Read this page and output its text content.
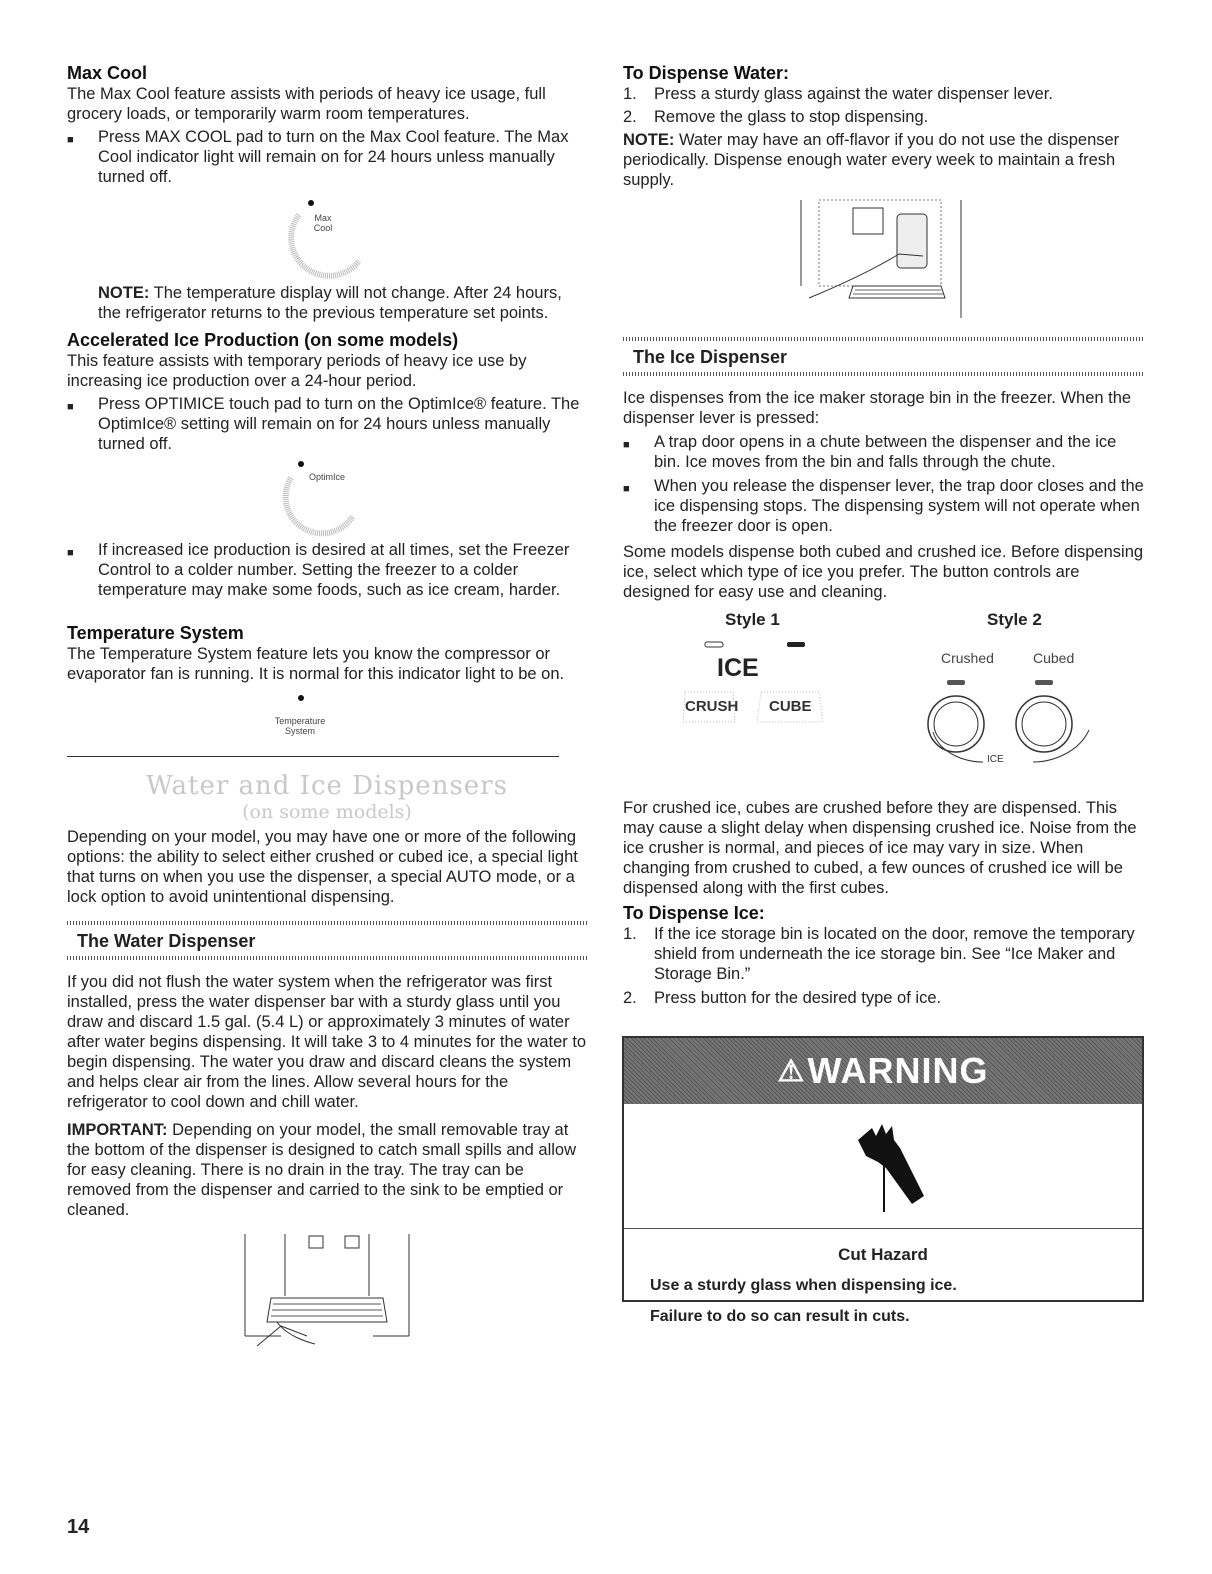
Max Cool

The Max Cool feature assists with periods of heavy ice usage, full grocery loads, or temporarily warm room temperatures.

■	Press MAX COOL pad to turn on the Max Cool feature. The Max Cool indicator light will remain on for 24 hours unless manually turned off.
Max
Cool

NOTE: The temperature display will not change. After 24 hours, the refrigerator returns to the previous temperature set points.

Accelerated Ice Production (on some models)

This feature assists with temporary periods of heavy ice use by increasing ice production over a 24-hour period.

■	Press OPTIMICE touch pad to turn on the OptimIce® feature. The OptimIce® setting will remain on for 24 hours unless manually turned off.
OptimIce
■	If increased ice production is desired at all times, set the Freezer Control to a colder number. Setting the freezer to a colder temperature may make some foods, such as ice cream, harder.
Temperature System

The Temperature System feature lets you know the compressor or evaporator fan is running. It is normal for this indicator light to be on.

Temperature
System
Water and Ice Dispensers
(on some models)

Depending on your model, you may have one or more of the following options: the ability to select either crushed or cubed ice, a special light that turns on when you use the dispenser, a special AUTO mode, or a lock option to avoid unintentional dispensing.

The Water Dispenser

If you did not flush the water system when the refrigerator was first installed, press the water dispenser bar with a sturdy glass until you draw and discard 1.5 gal. (5.4 L) or approximately 3 minutes of water after water begins dispensing. It will take 3 to 4 minutes for the water to begin dispensing. The water you draw and discard cleans the system and helps clear air from the lines. Allow several hours for the refrigerator to cool down and chill water.

IMPORTANT: Depending on your model, the small removable tray at the bottom of the dispenser is designed to catch small spills and allow for easy cleaning. There is no drain in the tray. The tray can be removed from the dispenser and carried to the sink to be emptied or cleaned.

To Dispense Water:
1.	Press a sturdy glass against the water dispenser lever.
2.	Remove the glass to stop dispensing.

NOTE: Water may have an off-flavor if you do not use the dispenser periodically. Dispense enough water every week to maintain a fresh supply.

The Ice Dispenser

Ice dispenses from the ice maker storage bin in the freezer. When the dispenser lever is pressed:

■	A trap door opens in a chute between the dispenser and the ice bin. Ice moves from the bin and falls through the chute.
■	When you release the dispenser lever, the trap door closes and the ice dispensing stops. The dispensing system will not operate when the freezer door is open.

Some models dispense both cubed and crushed ice. Before dispensing ice, select which type of ice you prefer. The button controls are designed for easy use and cleaning.

Style 1	Style 2
ICE
CRUSH CUBE
Crushed	Cubed
ICE

For crushed ice, cubes are crushed before they are dispensed. This may cause a slight delay when dispensing crushed ice. Noise from the ice crusher is normal, and pieces of ice may vary in size. When changing from crushed to cubed, a few ounces of crushed ice will be dispensed along with the first cubes.

To Dispense Ice:
1.	If the ice storage bin is located on the door, remove the temporary shield from underneath the ice storage bin. See “Ice Maker and Storage Bin.”
2.	Press button for the desired type of ice.
⚠ WARNING
Cut Hazard
Use a sturdy glass when dispensing ice.
Failure to do so can result in cuts.
14
